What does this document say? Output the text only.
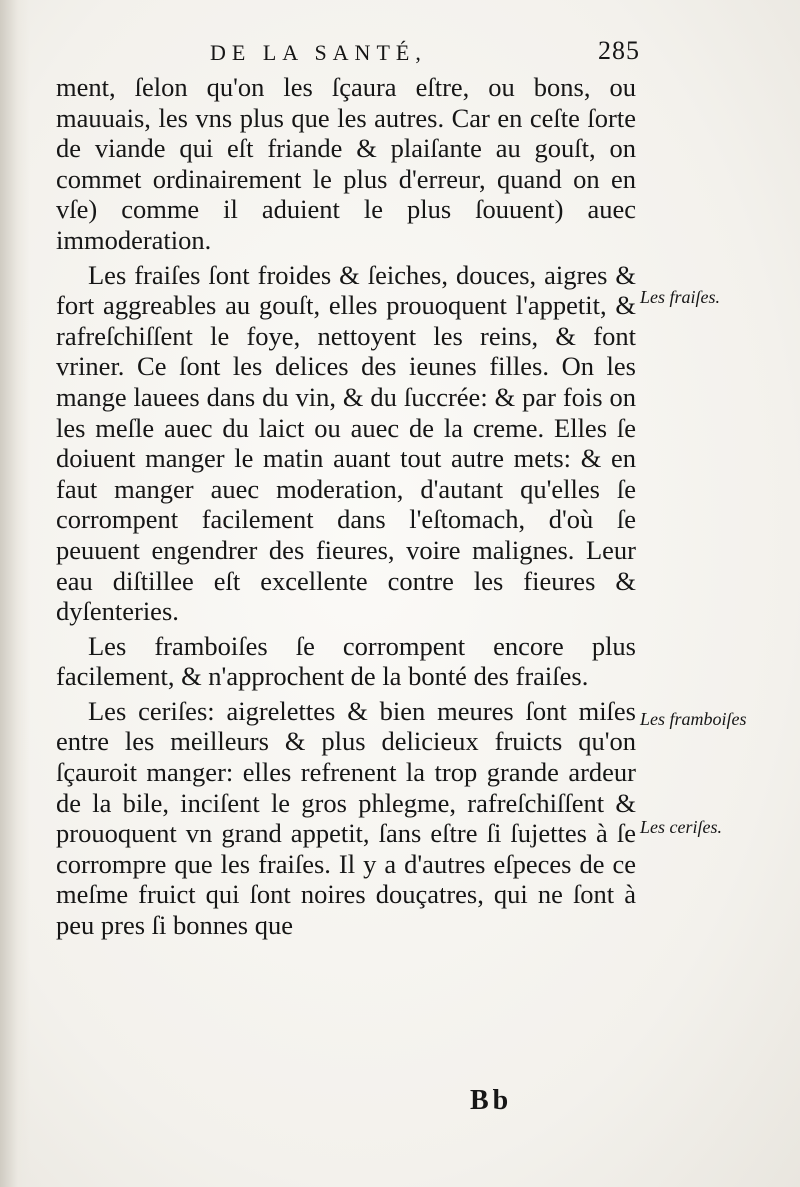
DE LA SANTÉ,	285

ment, ſelon qu'on les ſçaura eſtre, ou bons, ou mauuais, les vns plus que les autres. Car en ceſte ſorte de viande qui eſt friande & plaiſante au gouſt, on commet ordinairement le plus d'erreur, quand on en vſe) comme il aduient le plus ſouuent) auec immoderation.

Les fraiſes ſont froides & ſeiches, douces, aigres & fort aggreables au gouſt, elles prouoquent l'appetit, & rafreſchiſſent le foye, nettoyent les reins, & font vriner. Ce ſont les delices des ieunes filles. On les mange lauees dans du vin, & du ſuccrée: & par fois on les meſle auec du laict ou auec de la creme. Elles ſe doiuent manger le matin auant tout autre mets: & en faut manger auec moderation, d'autant qu'elles ſe corrompent facilement dans l'eſtomach, d'où ſe peuuent engendrer des fieures, voire malignes. Leur eau diſtillee eſt excellente contre les fieures & dyſenteries.

Les framboiſes ſe corrompent encore plus facilement, & n'approchent de la bonté des fraiſes.

Les ceriſes: aigrelettes & bien meures ſont miſes entre les meilleurs & plus delicieux fruicts qu'on ſçauroit manger: elles refrenent la trop grande ardeur de la bile, inciſent le gros phlegme, rafreſchiſſent & prouoquent vn grand appetit, ſans eſtre ſi ſujettes à ſe corrompre que les fraiſes. Il y a d'autres eſpeces de ce meſme fruict qui ſont noires douçatres, qui ne ſont à peu pres ſi bonnes que

Les fraiſes.
Les framboiſes
Les ceriſes.
Bb
